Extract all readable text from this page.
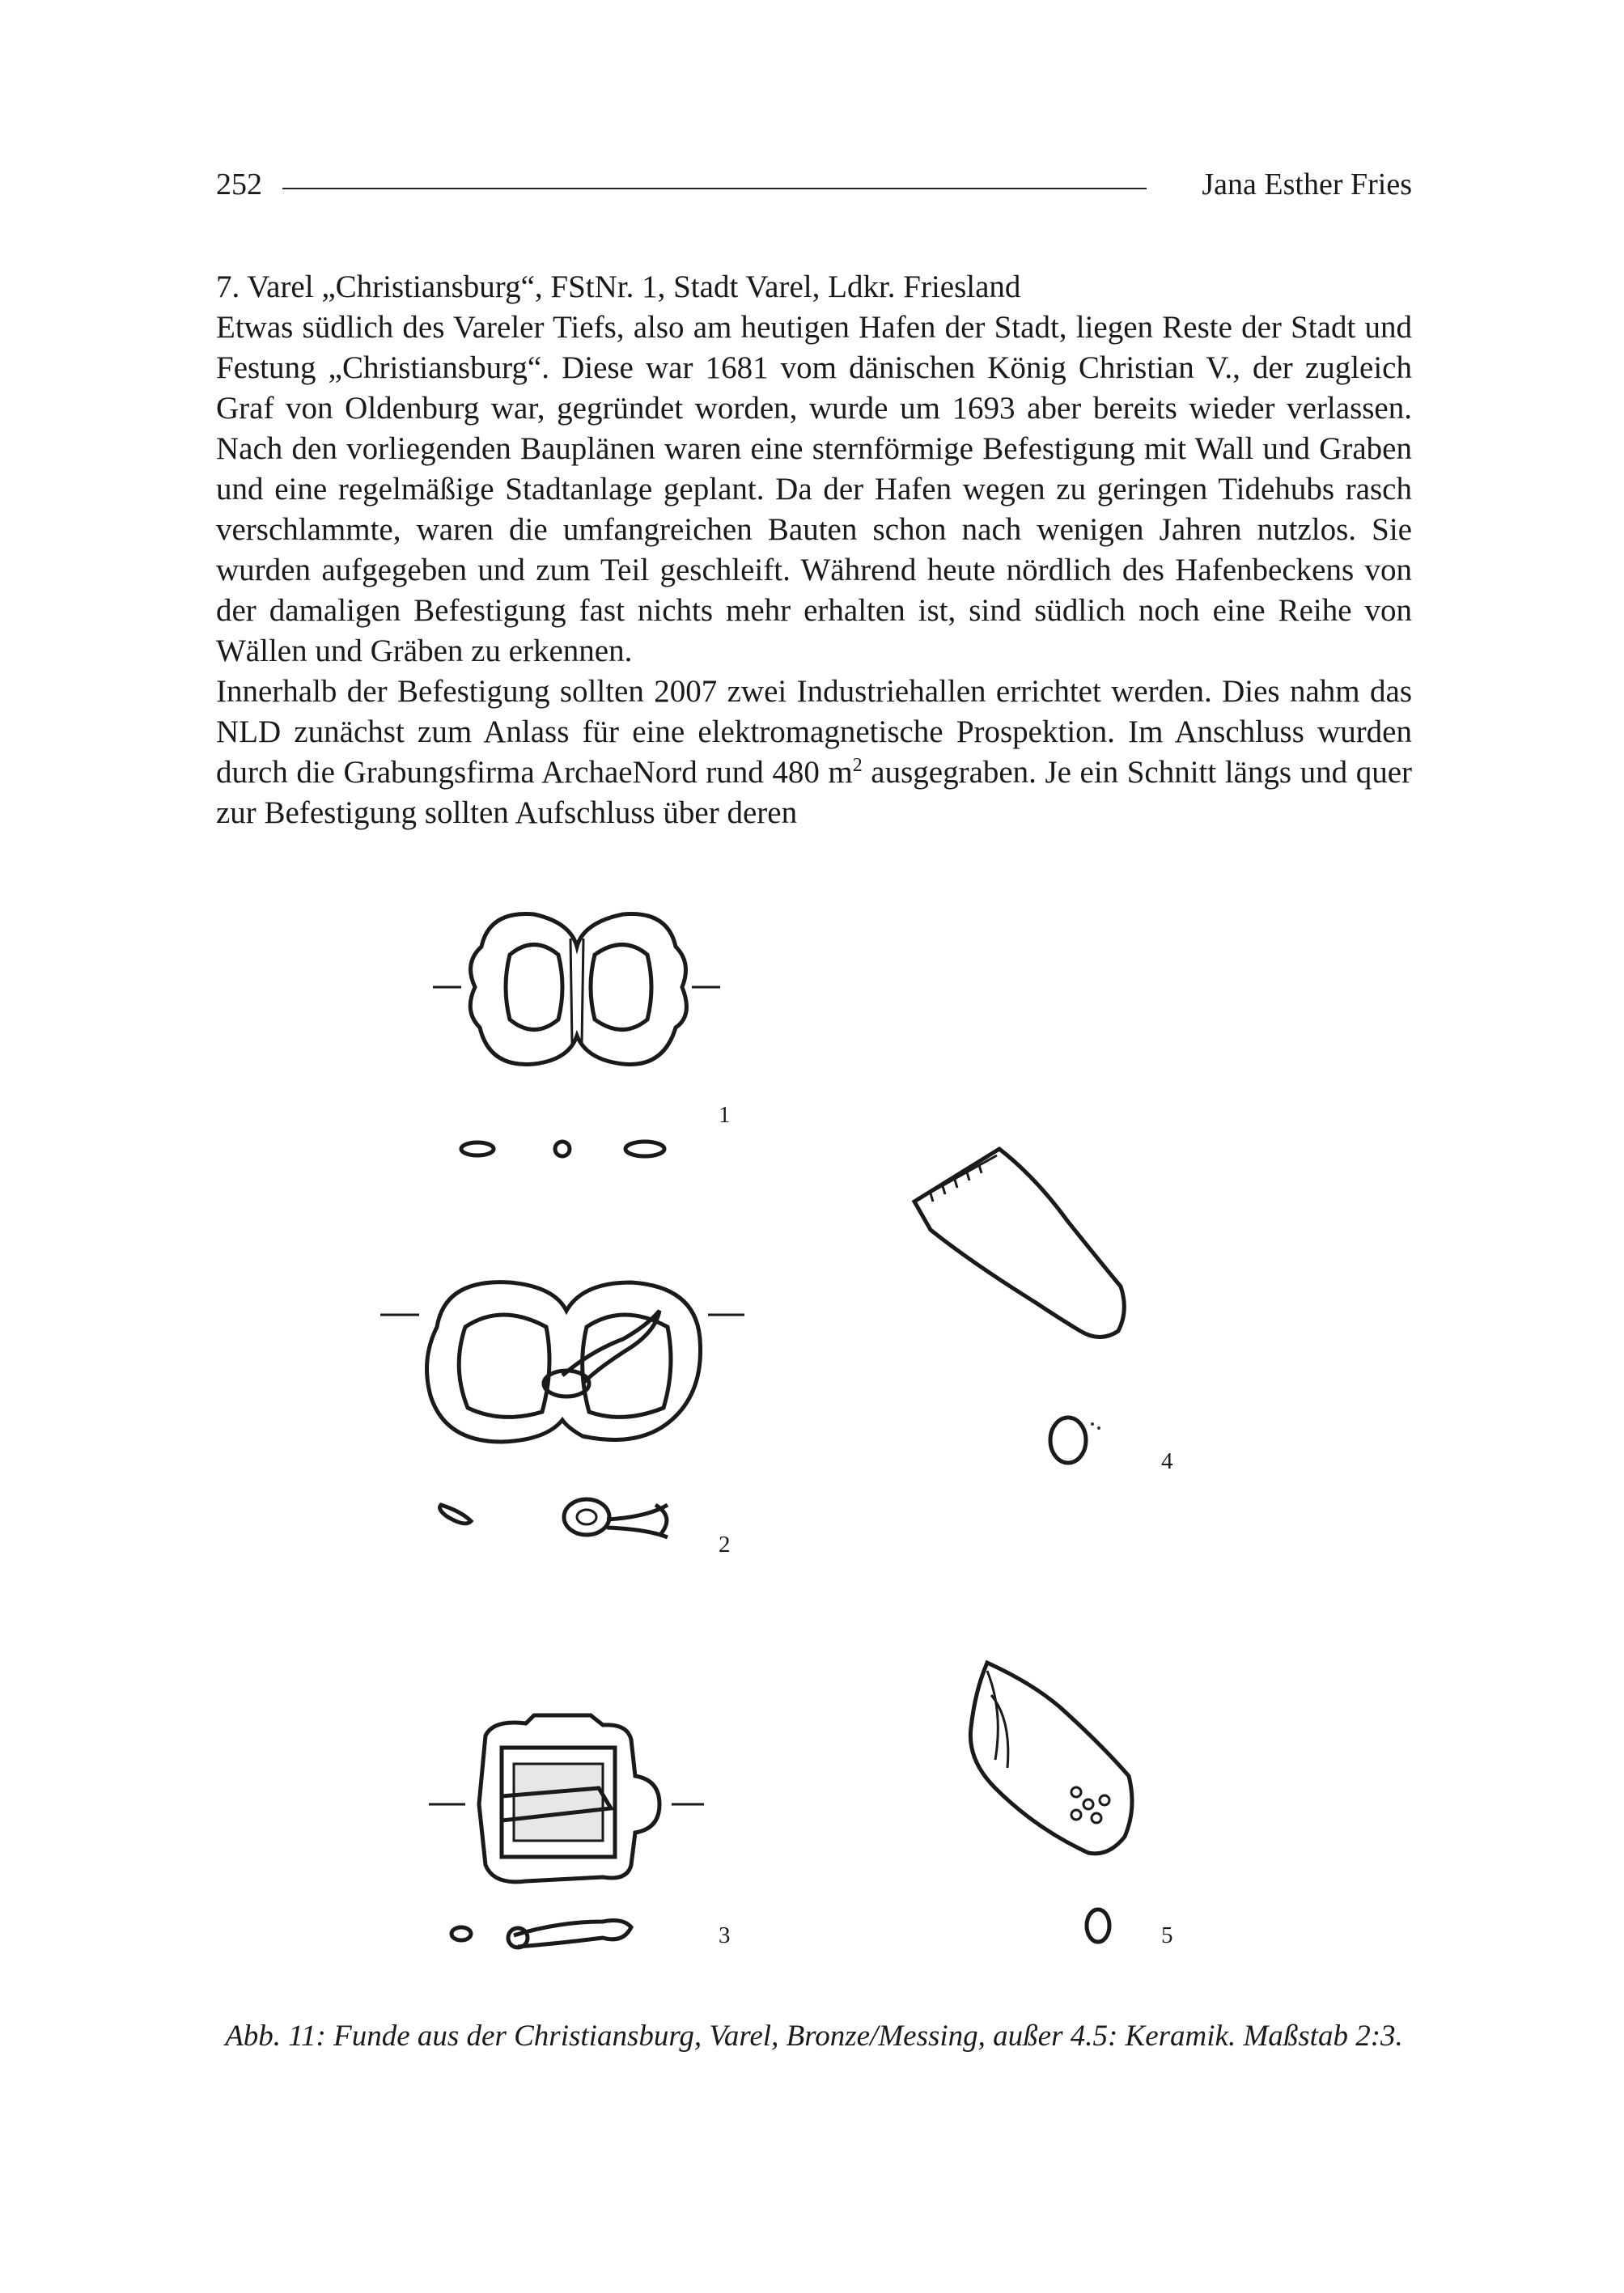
252	Jana Esther Fries

7. Varel „Christiansburg“, FStNr. 1, Stadt Varel, Ldkr. Friesland

Etwas südlich des Vareler Tiefs, also am heutigen Hafen der Stadt, liegen Reste der Stadt und Festung „Christiansburg“. Diese war 1681 vom dänischen König Christian V., der zugleich Graf von Oldenburg war, gegründet worden, wurde um 1693 aber bereits wieder verlassen. Nach den vorliegenden Bauplänen waren eine sternförmige Befestigung mit Wall und Graben und eine regelmäßige Stadtanlage geplant. Da der Hafen wegen zu geringen Tidehubs rasch verschlammte, waren die umfangreichen Bauten schon nach wenigen Jahren nutzlos. Sie wurden aufgegeben und zum Teil geschleift. Während heute nördlich des Hafenbeckens von der damaligen Befestigung fast nichts mehr erhalten ist, sind südlich noch eine Reihe von Wällen und Gräben zu erkennen.

Innerhalb der Befestigung sollten 2007 zwei Industriehallen errichtet werden. Dies nahm das NLD zunächst zum Anlass für eine elektromagnetische Prospektion. Im Anschluss wurden durch die Grabungsfirma ArchaeNord rund 480 $m^2$ ausgegraben. Je ein Schnitt längs und quer zur Befestigung sollten Aufschluss über deren

1
2
3
4
5
Abb. 11: Funde aus der Christiansburg, Varel, Bronze/Messing, außer 4.5: Keramik. Maßstab 2:3.
